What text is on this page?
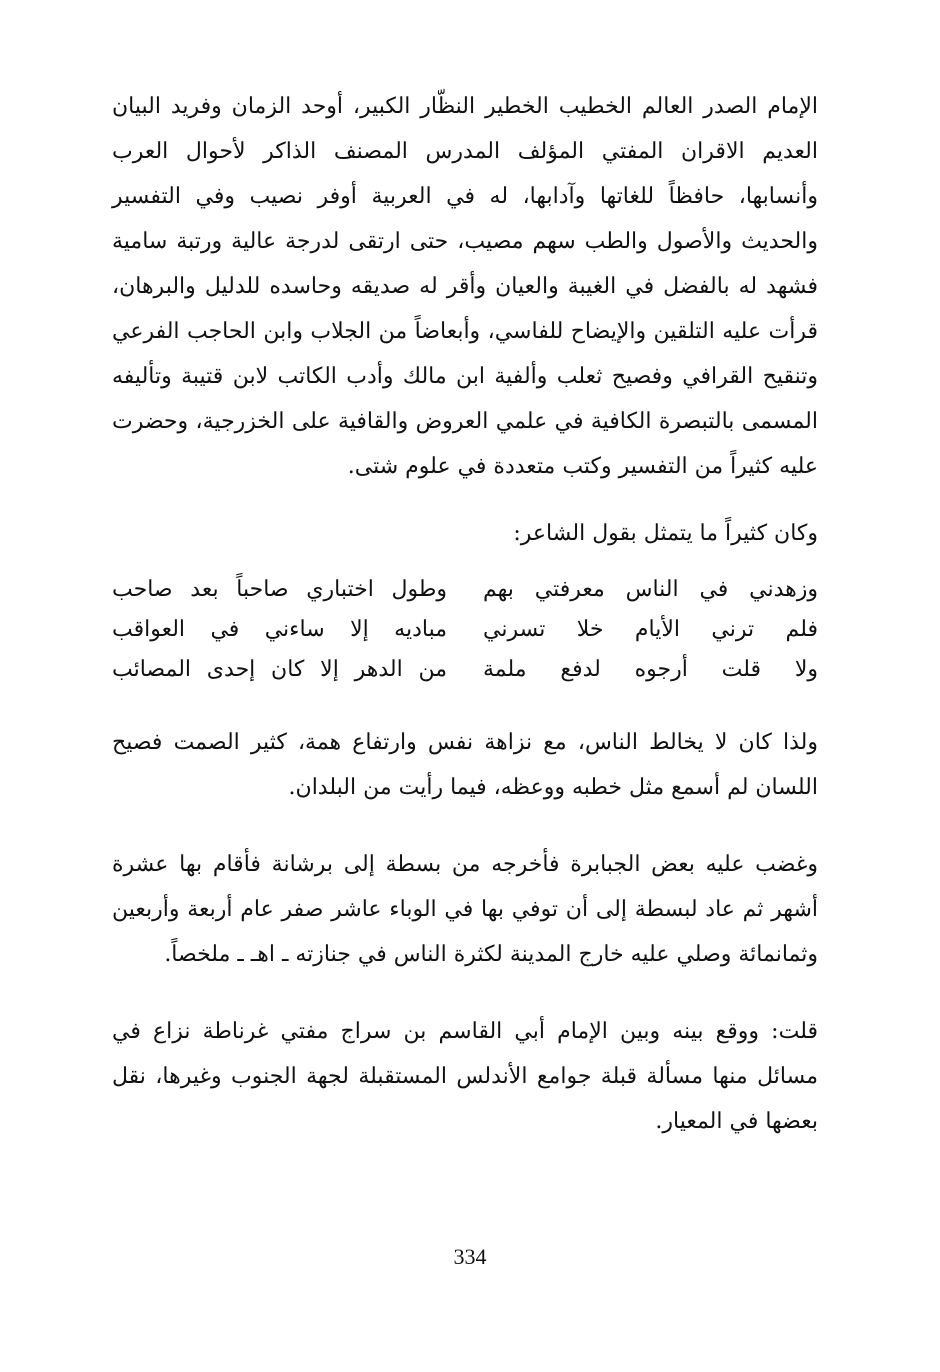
الإمام الصدر العالم الخطيب الخطير النظّار الكبير، أوحد الزمان وفريد البيان العديم الاقران المفتي المؤلف المدرس المصنف الذاكر لأحوال العرب وأنسابها، حافظاً للغاتها وآدابها، له في العربية أوفر نصيب وفي التفسير والحديث والأصول والطب سهم مصيب، حتى ارتقى لدرجة عالية ورتبة سامية فشهد له بالفضل في الغيبة والعيان وأقر له صديقه وحاسده للدليل والبرهان، قرأت عليه التلقين والإيضاح للفاسي، وأبعاضاً من الجلاب وابن الحاجب الفرعي وتنقيح القرافي وفصيح ثعلب وألفية ابن مالك وأدب الكاتب لابن قتيبة وتأليفه المسمى بالتبصرة الكافية في علمي العروض والقافية على الخزرجية، وحضرت عليه كثيراً من التفسير وكتب متعددة في علوم شتى.

وكان كثيراً ما يتمثل بقول الشاعر:

وزهدني في الناس معرفتي بهم
وطول اختباري صاحباً بعد صاحب
فلم ترني الأيام خلا تسرني
مباديه إلا ساءني في العواقب
ولا قلت أرجوه لدفع ملمة
من الدهر إلا كان إحدى المصائب

ولذا كان لا يخالط الناس، مع نزاهة نفس وارتفاع همة، كثير الصمت فصيح اللسان لم أسمع مثل خطبه ووعظه، فيما رأيت من البلدان.

وغضب عليه بعض الجبابرة فأخرجه من بسطة إلى برشانة فأقام بها عشرة أشهر ثم عاد لبسطة إلى أن توفي بها في الوباء عاشر صفر عام أربعة وأربعين وثمانمائة وصلي عليه خارج المدينة لكثرة الناس في جنازته ـ اهـ ـ ملخصاً.

قلت: ووقع بينه وبين الإمام أبي القاسم بن سراج مفتي غرناطة نزاع في مسائل منها مسألة قبلة جوامع الأندلس المستقبلة لجهة الجنوب وغيرها، نقل بعضها في المعيار.

334
